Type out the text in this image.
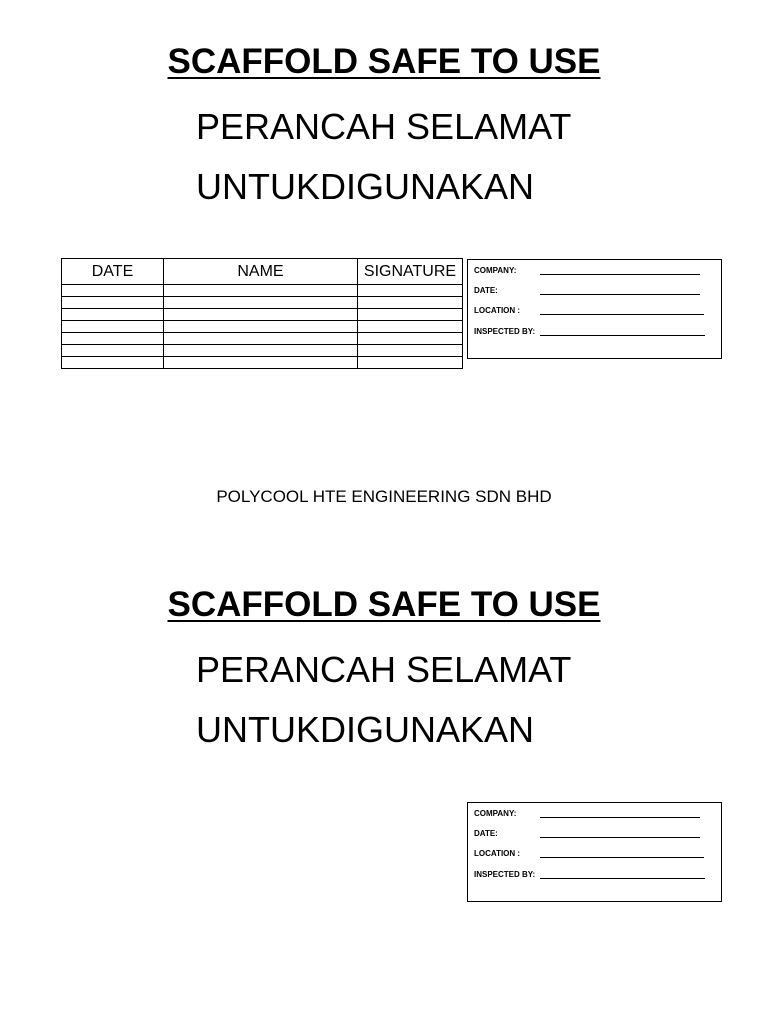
SCAFFOLD SAFE TO USE

PERANCAH SELAMAT

UNTUKDIGUNAKAN

DATE	NAME	SIGNATURE

		COMPANY:
DATE:
LOCATION :
INSPECTED BY:

POLYCOOL HTE ENGINEERING SDN BHD

SCAFFOLD SAFE TO USE

PERANCAH SELAMAT

UNTUKDIGUNAKAN

COMPANY:
DATE:
LOCATION :
INSPECTED BY:
